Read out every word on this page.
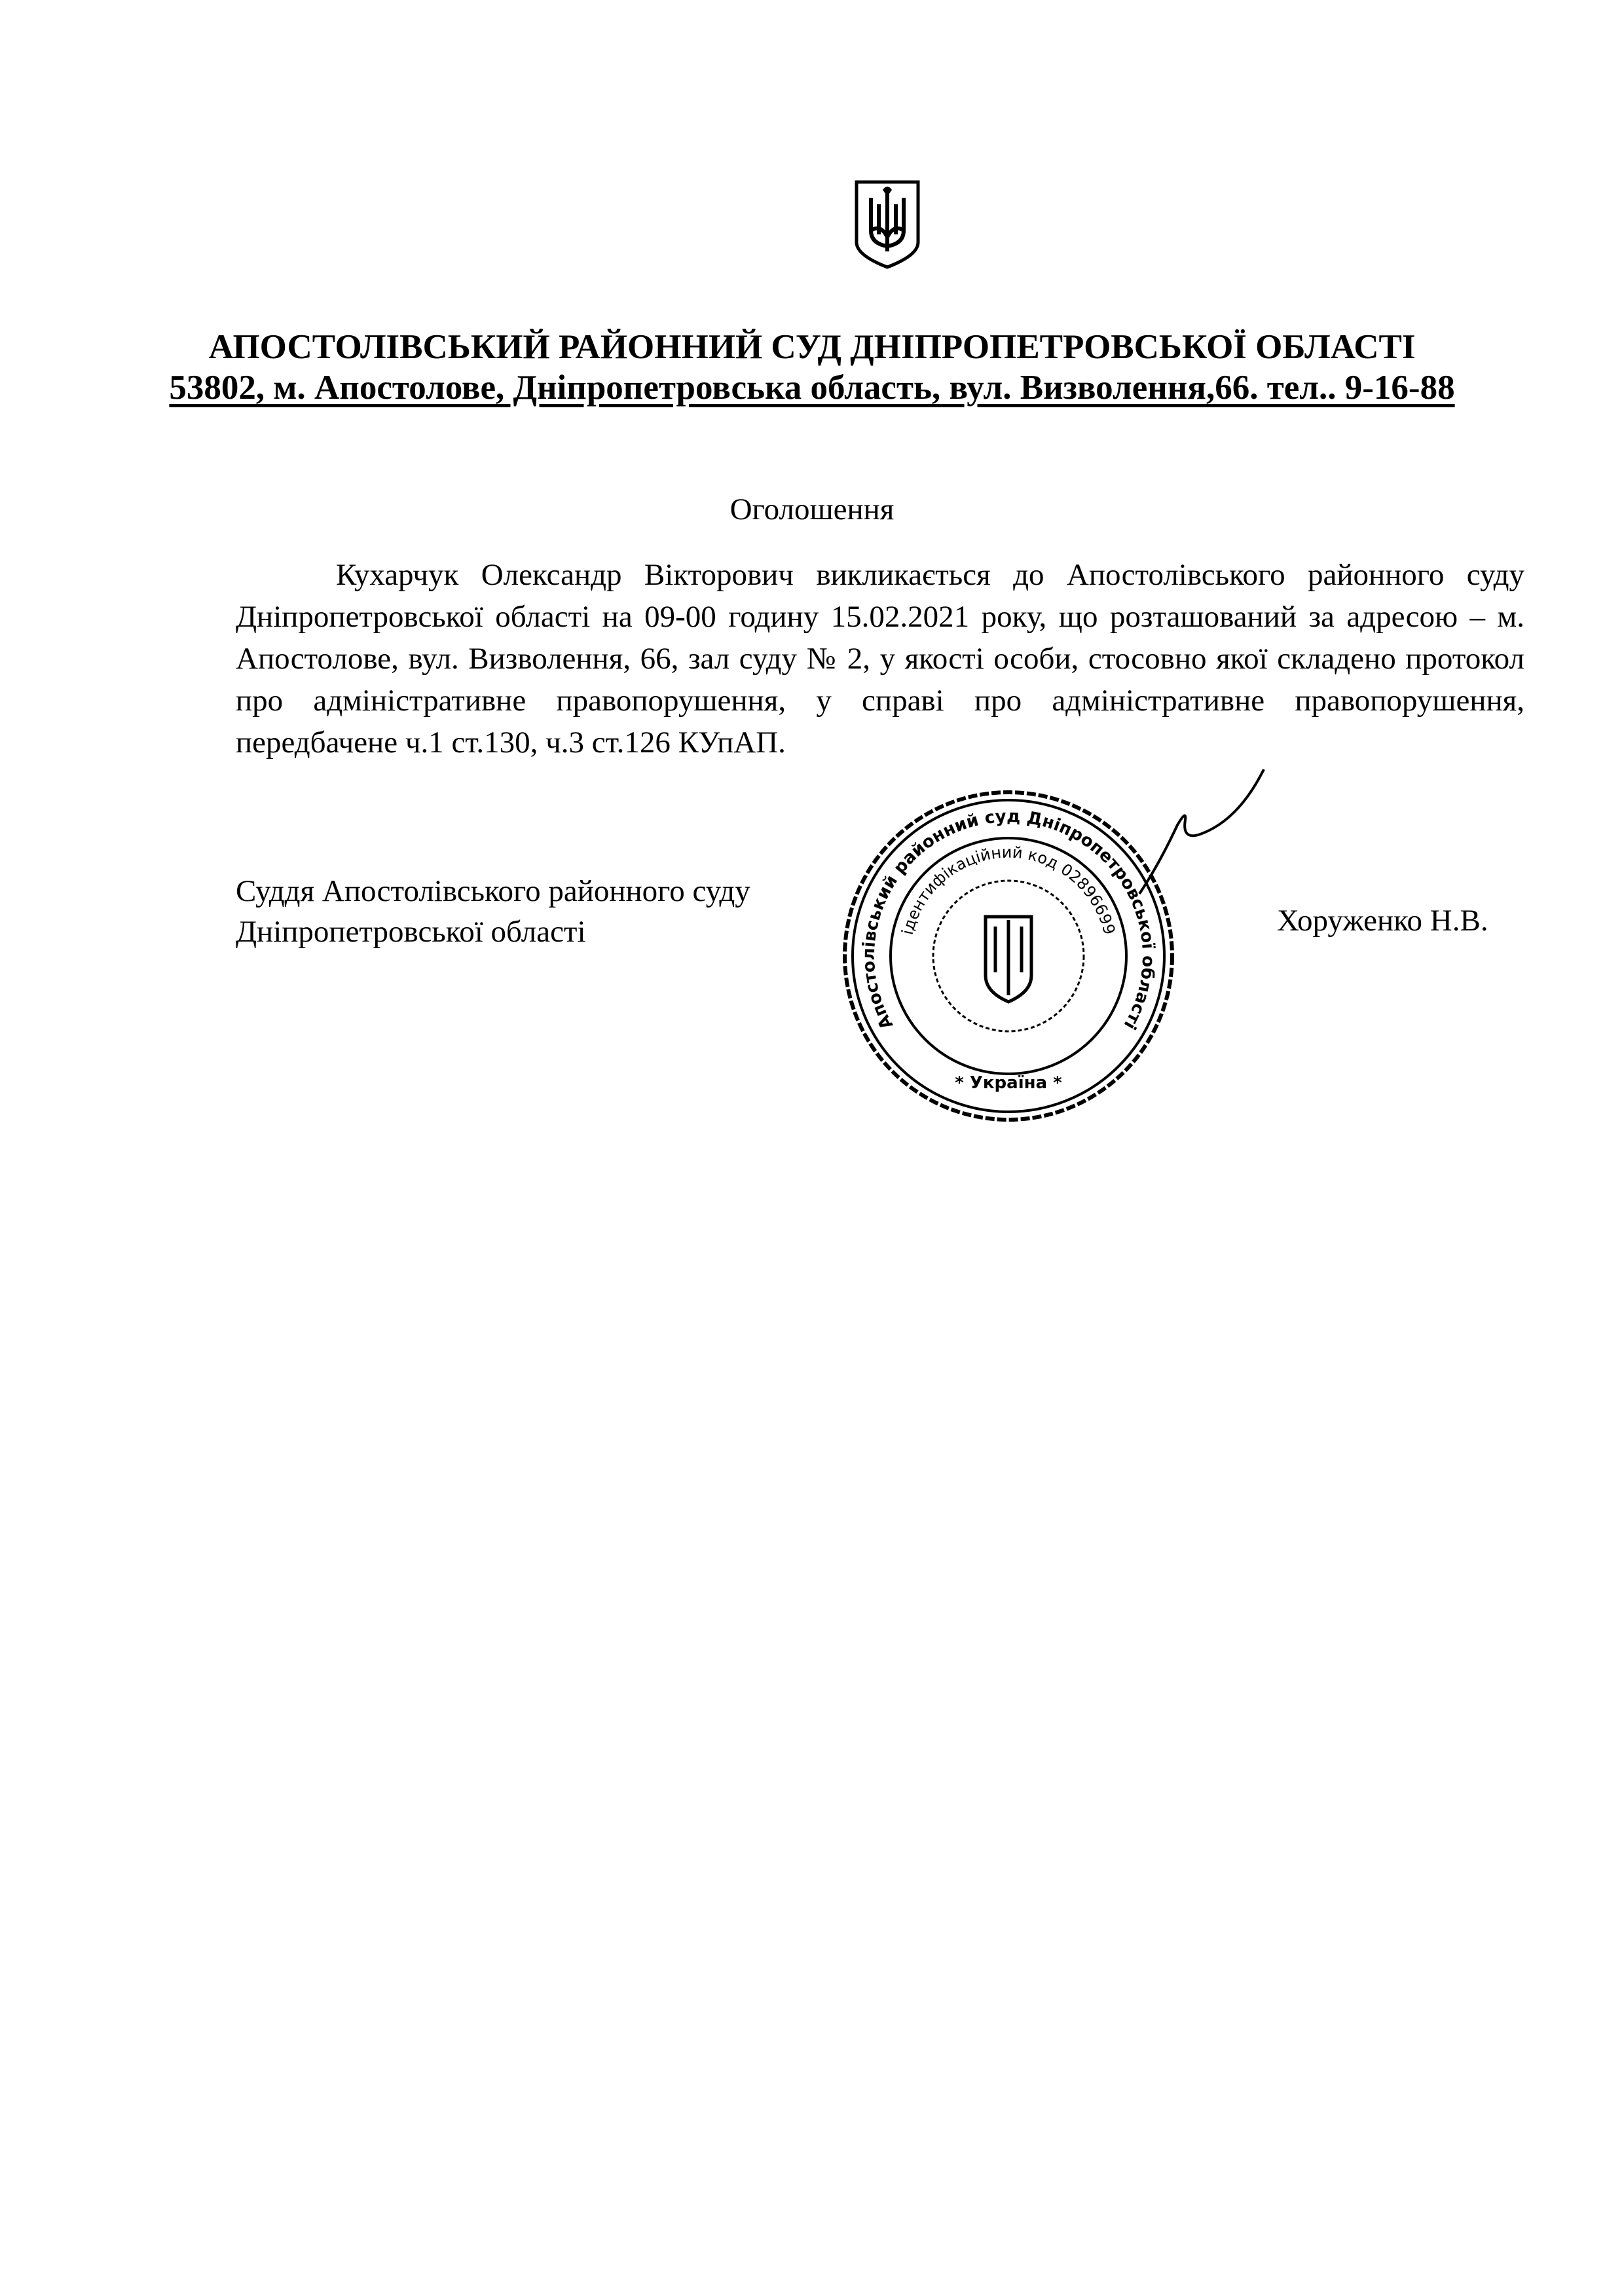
АПОСТОЛІВСЬКИЙ РАЙОННИЙ СУД ДНІПРОПЕТРОВСЬКОЇ ОБЛАСТІ
53802, м. Апостолове, Дніпропетровська область, вул. Визволення,66. тел.. 9-16-88
Оголошення
Кухарчук Олександр Вікторович викликається до Апостолівського районного суду Дніпропетровської області на 09-00 годину 15.02.2021 року, що розташований за адресою – м. Апостолове, вул. Визволення, 66, зал суду № 2, у якості особи, стосовно якої складено протокол про адміністративне правопорушення, у справі про адміністративне правопорушення, передбачене ч.1 ст.130, ч.3 ст.126 КУпАП.
Суддя Апостолівського районного суду
Дніпропетровської області	Хоруженко Н.В.
Апостолівський районний суд Дніпропетровської області
ідентифікаційний код 02896699
* Україна *
